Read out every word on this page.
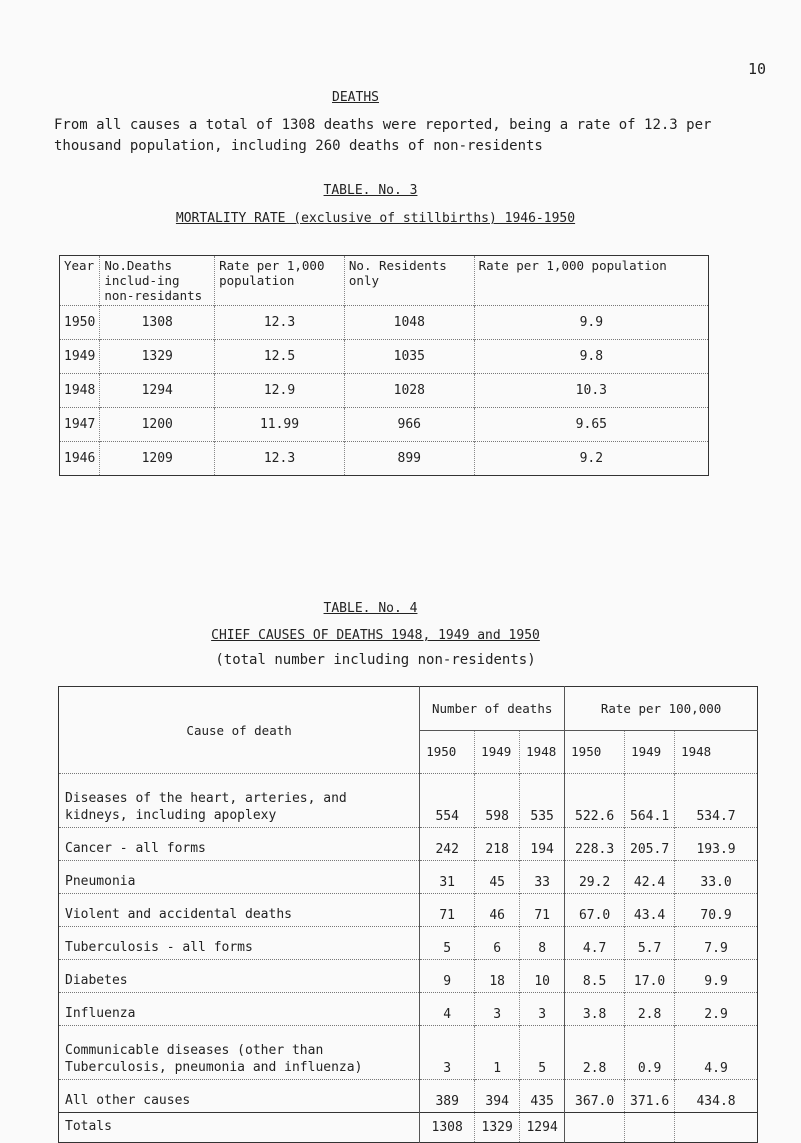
10
DEATHS
From all causes a total of 1308 deaths were reported, being a rate of 12.3 per thousand population, including 260 deaths of non-residents
TABLE. No. 3
MORTALITY RATE (exclusive of stillbirths) 1946-1950
Year	No.Deaths includ-ing non-residants	Rate per 1,000 population	No. Residents only	Rate per 1,000 population
1950	1308	12.3	1048	9.9
1949	1329	12.5	1035	9.8
1948	1294	12.9	1028	10.3
1947	1200	11.99	966	9.65
1946	1209	12.3	899	9.2
TABLE. No. 4
CHIEF CAUSES OF DEATHS 1948, 1949 and 1950
(total number including non-residents)
Cause of death	Number of deaths			Rate per 100,000		
	1950	1949	1948	1950	1949	1948
Diseases of the heart, arteries, and kidneys, including apoplexy	554	598	535	522.6	564.1	534.7
Cancer - all forms	242	218	194	228.3	205.7	193.9
Pneumonia	31	45	33	29.2	42.4	33.0
Violent and accidental deaths	71	46	71	67.0	43.4	70.9
Tuberculosis - all forms	5	6	8	4.7	5.7	7.9
Diabetes	9	18	10	8.5	17.0	9.9
Influenza	4	3	3	3.8	2.8	2.9
Communicable diseases (other than Tuberculosis, pneumonia and influenza)	3	1	5	2.8	0.9	4.9
All other causes	389	394	435	367.0	371.6	434.8
Totals	1308	1329	1294			
